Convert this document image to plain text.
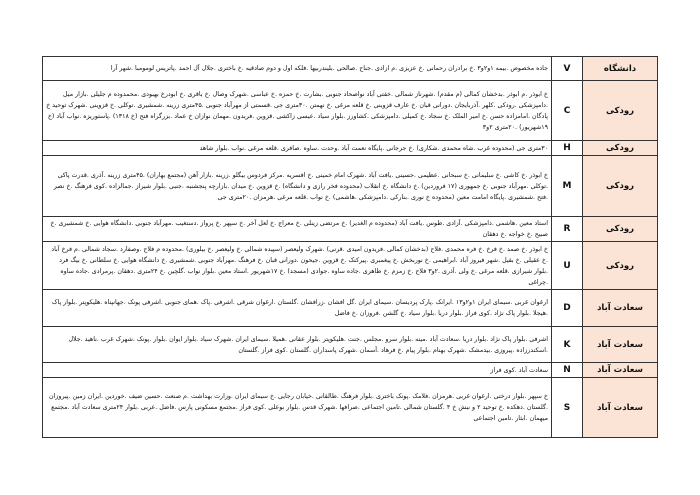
دانشگاه	V	جاده مخصوص .بیمه ۱و۲و۳ .خ برادران رحمانی .خ عزیزی .م ازادی .جناح .صالحی .بلیندربیها .فلکه اول و دوم صادقیه .خ باختری .جلال آل احمد .پاتریس لومومبا .شهر آرا
رودکی	C	خ ابوذر .م ابوذر .بدخشان کمالی (م مقدم) .شهرناز شمالی .خفتی آباد نواصحاد جنوبی .بشارت .خ حمزه .خ عباسی .شهرک وصال .خ باقری .خ ابودرخ بهبودی .محمدوده م جلیلی .بازار میل .دامپزشکی .رودکی .کلهر .آذربایجان .دورانی قبان .خ عارف قزوینی .خ قلعه مرغی .خ نهمتن .۳۰متری جی .قسمتی از مهرآباد جنوبی .۴۵متری زرینه .شمشیری .توکلی .خ قزوینی .شهرک توحید خ پادگان .امامزاده حسن .خ امیر الملک .خ سجاد .خ کمیلی .دامپزشکی .کشاورز .بلوار سیاد .عیسی زاکشی .قزوین .فریدون .مهمان نوازان خ عماد .بزرگراه فتح (خ ۱۳۱۸) .پاستوریزه .نواب آباد (خ ۱۹شهریور) .۲۰متری ۲و۳
رودکی	H	۳۰متری جی (محدوده غرب .شاه محمدی .شکاری) .خ جرجانی .پایگاه نعمت آباد .وحدت .ساوه .صافری .قلعه مرغی .نواب .بلوار شاهد
رودکی	M	خ ابوذر .خ کاشی .خ سلیمانی .خ سبحانی .عظیمی .حسینی .یافت آباد .شهرک امام خمینی .خ افسریه .مرکز فردوس بیگلو .زرینه .بازار آهن (مجتمع بهاران) .۴۵متری زرینه .آذری .قدرت پاکی .توکلی .مهرآباد جنوبی .خ جمهوری (۱۷ فروردین) .خ دانشگاه .خ انقلاب (محدوده فخر رازی و دانشگاه) .خ قزوین .خ میدان .بازارچه پنجشنبه .جنبی .بلوار شیراز .جمالزاده .کوی فرهنگ .خ نصر .فتح .شمشیری .پایگاه امامت معین (محدوده خ نوری .بنارکی .دامپزشکی .هاشمی) .خ نواب .قلعه مرغی .هرمزان .۲۰متری جی
رودکی	R	استاد معین .هاشمی .دامپزشکی .آزادی .طوس .یافت آباد (محدوده م الغدیر) .خ مرتضی زینلی .خ معراج .خ لعل آخر .خ سپهر .خ پرواز .دستغیب .مهرآباد جنوبی .دانشگاه هوایی .خ شمشیری .خ صبیح .خ خواجه .خ دهقان
رودکی	U	خ ابوذر .خ صمد .خ فرخ .خ فره محمدی .فلاح (بدخشان کمالی .فریدون امیدی .قرنی) .شهرک ولیعصر (سپیده شمالی .خ ولیعصر .خ بیلوری) .محدوده م فلاح .وصفارد .سجاد شمالی .م فرخ آباد .خ عقیلی .خ بقیل .شهر فیروز آباد .ابراهیمی .خ نوربخش .خ پیغمبری .پیرکنک .خ قزوین .جیحون .دورانی قبان .خ فرهنگ .مهرآباد جنوبی .شمشیری .خ دانشگاه هوایی .خ سلطانی .خ بیگ فرد .بلوار شیرازی .قلعه مرغی .خ ولی .آذری .۲و۳ فلاح .خ زمزم .خ طاهری .جاده ساوه .جوادی (مسجد) .خ ۱۷شهریور .استاد معین .بلوار نواب .گلچین .خ ۲۴متری .دهقان .پرمرادی .جاده ساوه .چراغی
سعادت آباد	D	ارغوان غربی .سیمای ایران ۱و۲و۱۳ .ایرانک .پارک پردیسان .سیمای ایران .گل افشان .زرافشان .گلستان .ارغوان شرقی .اشرفی .پاک .همای جنوبی .اشرفی پونک .جهانپناه .هلیکوپتر .بلوار پاک .هیجلا .بلوار پاک نژاد .کوی فراز .بلوار دریا .بلوار سیاد .خ گلشن .فروزان .خ فاضل
سعادت آباد	K	اشرفی .بلوار پاک نژاد .بلوار دریا .سعادت آباد .مینه .بلوار سرو .مجلس .جنت .هلیکوپتر .بلوار عقانی .همیلا .سیمای ایران .شهرک سیاد .بلوار ایوان .بلوار .پونک .شهرک غرب .ناهید .جلال .اسکندرزاده .پیروزی .بیدمشک .شهرک بهنام .بلوار پیام .خ فرهاد .آسمان .شهرک پاسداران .گلستان .کوی فراز .گلستان
سعادت آباد	N	سعادت آباد .کوی فراز
سعادت آباد	S	خ سپهر .بلوار درختی .ارغوان غربی .هرمزان .فلامک .پونک باختری .بلوار فرهنگ .طالقانی .خیابان رجایی .خ سیمای ایران .وزارت بهداشت .م صنعت .حسین ضیف .خوردین .ایران زمین .پیروزان .گلستان .دهکده .خ توحید ۲ و نبش خ ۴ .گلستان شمالی .تامین اجتماعی .صرافها .شهرک قدس .بلوار بوعلی .کوی فراز .مجتمع مسکونی پارس .فاضل .عربی .بلوار ۲۴متری سعادت آباد .مجتمع میهمان .ابثار .تامین اجتماعی
